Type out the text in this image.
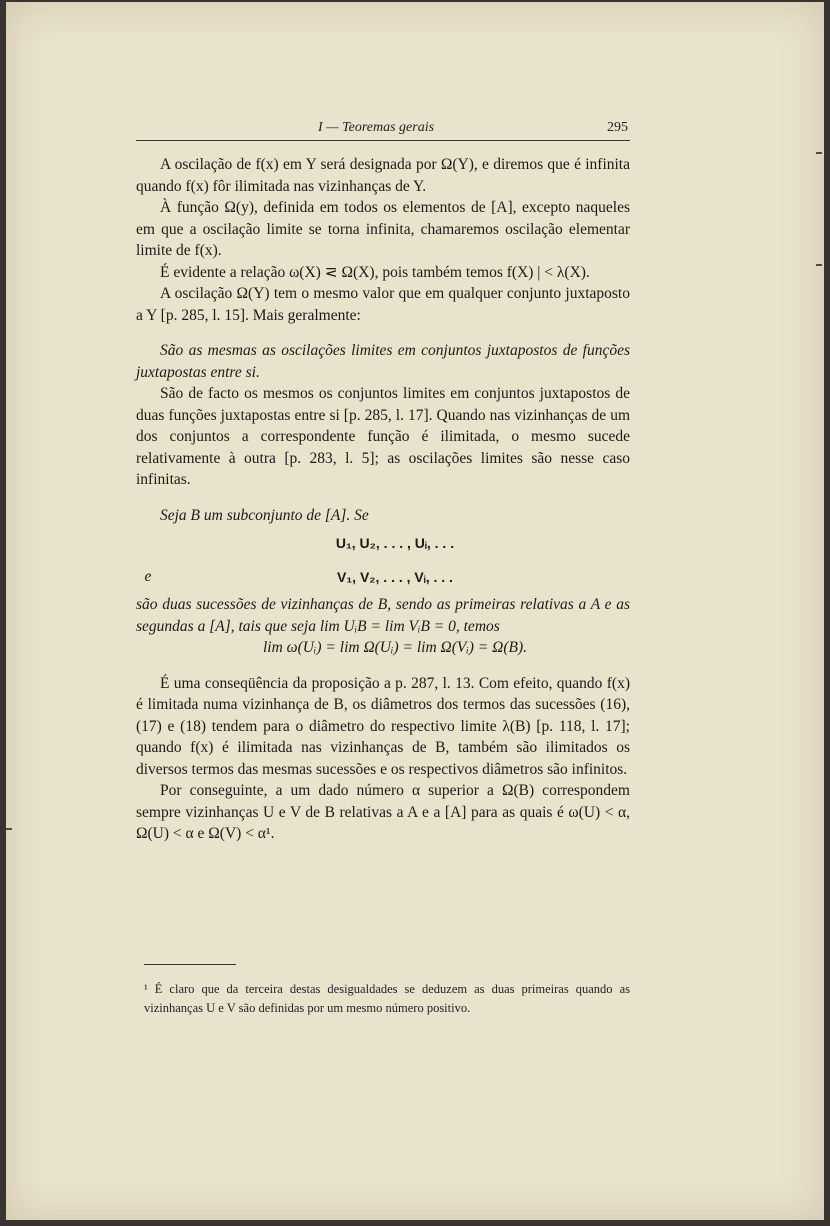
I — Teoremas gerais	295

A oscilação de f(x) em Y será designada por Ω(Y), e diremos que é infinita quando f(x) fôr ilimitada nas vizinhanças de Y.

À função Ω(y), definida em todos os elementos de [A], excepto naqueles em que a oscilação limite se torna infinita, chamaremos oscilação elementar limite de f(x).

É evidente a relação ω(X) ⋜ Ω(X), pois também temos f(X) | < λ(X).

A oscilação Ω(Y) tem o mesmo valor que em qualquer conjunto juxtaposto a Y [p. 285, l. 15]. Mais geralmente:

São as mesmas as oscilações limites em conjuntos juxtapostos de funções juxtapostas entre si.

São de facto os mesmos os conjuntos limites em conjuntos juxtapostos de duas funções juxtapostas entre si [p. 285, l. 17]. Quando nas vizinhanças de um dos conjuntos a correspondente função é ilimitada, o mesmo sucede relativamente à outra [p. 283, l. 5]; as oscilações limites são nesse caso infinitas.

Seja B um subconjunto de [A]. Se

U₁, U₂, . . . , Uᵢ, . . .
e	V₁, V₂, . . . , Vᵢ, . . .

são duas sucessões de vizinhanças de B, sendo as primeiras relativas a A e as segundas a [A], tais que seja lim UᵢB = lim VᵢB = 0, temos

lim ω(Uᵢ) = lim Ω(Uᵢ) = lim Ω(Vᵢ) = Ω(B).

É uma conseqüência da proposição a p. 287, l. 13. Com efeito, quando f(x) é limitada numa vizinhança de B, os diâmetros dos termos das sucessões (16), (17) e (18) tendem para o diâmetro do respectivo limite λ(B) [p. 118, l. 17]; quando f(x) é ilimitada nas vizinhanças de B, também são ilimitados os diversos termos das mesmas sucessões e os respectivos diâmetros são infinitos.

Por conseguinte, a um dado número α superior a Ω(B) correspondem sempre vizinhanças U e V de B relativas a A e a [A] para as quais é ω(U) < α, Ω(U) < α e Ω(V) < α¹.

¹ É claro que da terceira destas desigualdades se deduzem as duas primeiras quando as vizinhanças U e V são definidas por um mesmo número positivo.
